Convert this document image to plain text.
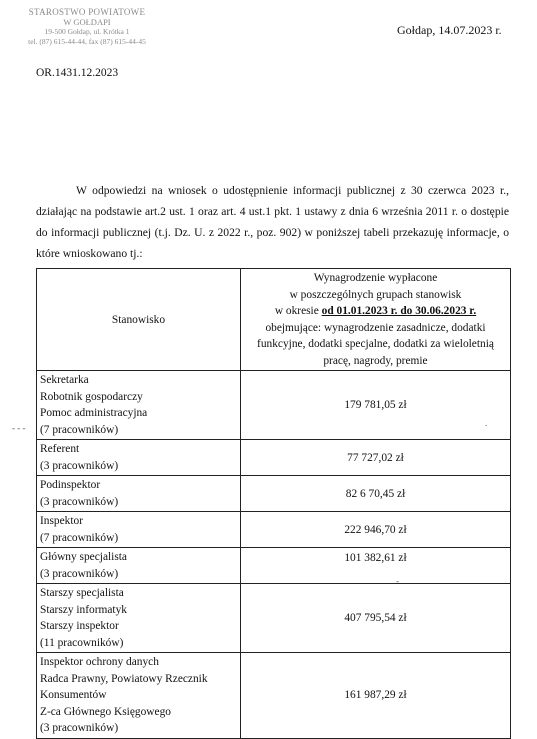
STAROSTWO POWIATOWE
W GOŁDAPI
19-500 Gołdap, ul. Krótka 1
tel. (87) 615-44-44, fax (87) 615-44-45
Gołdap, 14.07.2023 r.
OR.1431.12.2023

W odpowiedzi na wniosek o udostępnienie informacji publicznej z 30 czerwca 2023 r., działając na podstawie art.2 ust. 1 oraz art. 4 ust.1 pkt. 1 ustawy z dnia 6 września 2011 r. o dostępie do informacji publicznej (t.j. Dz. U. z 2022 r., poz. 902) w poniższej tabeli przekazuję informacje, o które wnioskowano tj.:

- - -	.
-
Stanowisko	Wynagrodzenie wypłacone
w poszczególnych grupach stanowisk
w okresie od 01.01.2023 r. do 30.06.2023 r.
obejmujące: wynagrodzenie zasadnicze, dodatki funkcyjne, dodatki specjalne, dodatki za wieloletnią pracę, nagrody, premie

Sekretarka
Robotnik gospodarczy
Pomoc administracyjna
(7 pracowników)	179 781,05 zł

Referent
(3 pracowników)	77 727,02 zł

Podinspektor
(3 pracowników)	82 6 70,45 zł

Inspektor
(7 pracowników)	222 946,70 zł

Główny specjalista
(3 pracowników)	101 382,61 zł

Starszy specjalista
Starszy informatyk
Starszy inspektor
(11 pracowników)	407 795,54 zł

Inspektor ochrony danych
Radca Prawny, Powiatowy Rzecznik Konsumentów
Z-ca Głównego Księgowego
(3 pracowników)	161 987,29 zł
